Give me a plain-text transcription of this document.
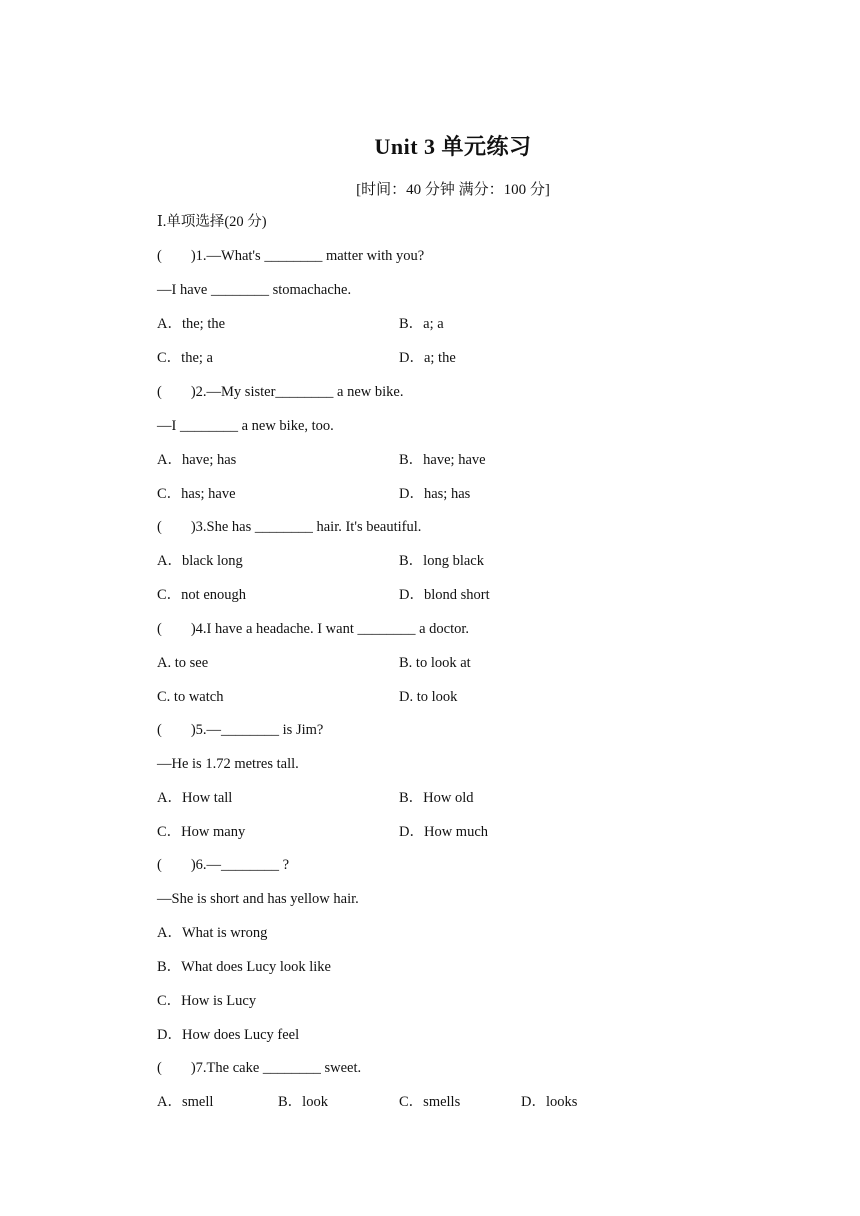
Unit 3 单元练习
[时间：40 分钟 满分：100 分]
Ⅰ.单项选择(20 分)
(        )1.—What's ________ matter with you?
—I have ________ stomachache.
A．the; the	B．a; a
C．the; a	D．a; the
(        )2.—My sister________ a new bike.
—I ________ a new bike, too.
A．have; has	B．have; have
C．has; have	D．has; has
(        )3.She has ________ hair. It's beautiful.
A．black long	B．long black
C．not enough	D．blond short
(        )4.I have a headache. I want ________ a doctor.
A. to see	B. to look at
C. to watch	D. to look
(        )5.—________ is Jim?
—He is 1.72 metres tall.
A．How tall	B．How old
C．How many	D．How much
(        )6.—________ ?
—She is short and has yellow hair.
A．What is wrong
B．What does Lucy look like
C．How is Lucy
D．How does Lucy feel
(        )7.The cake ________ sweet.
A．smell	B．look	C．smells	D．looks
